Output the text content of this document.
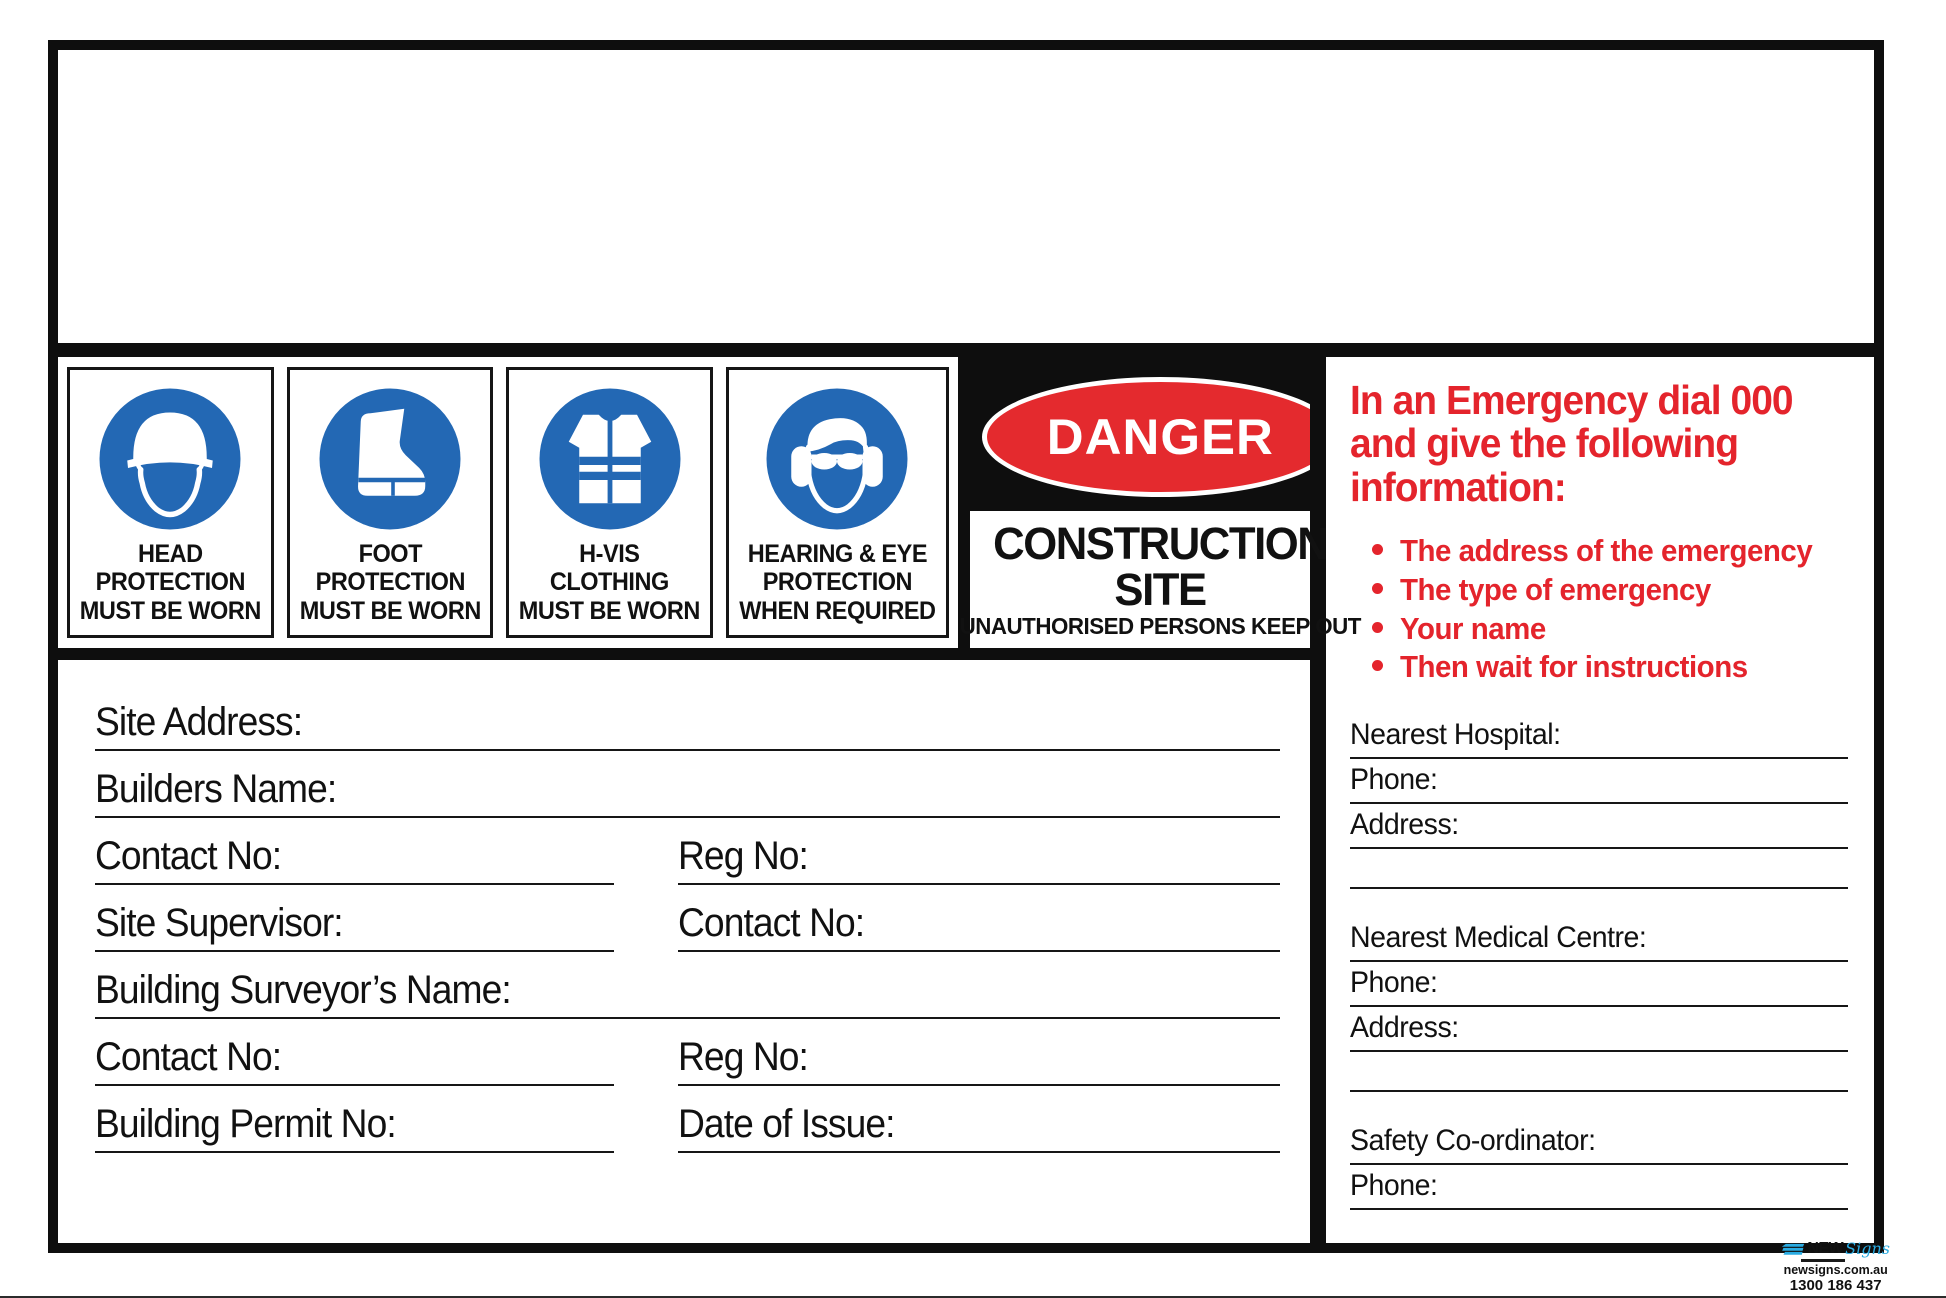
HEAD
PROTECTION
MUST BE WORN
FOOT
PROTECTION
MUST BE WORN
H-VIS
CLOTHING
MUST BE WORN
HEARING & EYE
PROTECTION
WHEN REQUIRED
DANGER
CONSTRUCTION
SITE
UNAUTHORISED PERSONS KEEP OUT
Site Address:
Builders Name:
Contact No:	Reg No:
Site Supervisor:	Contact No:
Building Surveyor’s Name:
Contact No:	Reg No:
Building Permit No:	Date of Issue:
In an Emergency dial 000
and give the following
information:
The address of the emergency
The type of emergency
Your name
Then wait for instructions
Nearest Hospital:
Phone:
Address:
Nearest Medical Centre:
Phone:
Address:
Safety Co-ordinator:
Phone:
NEW Signs
newsigns.com.au
1300 186 437
